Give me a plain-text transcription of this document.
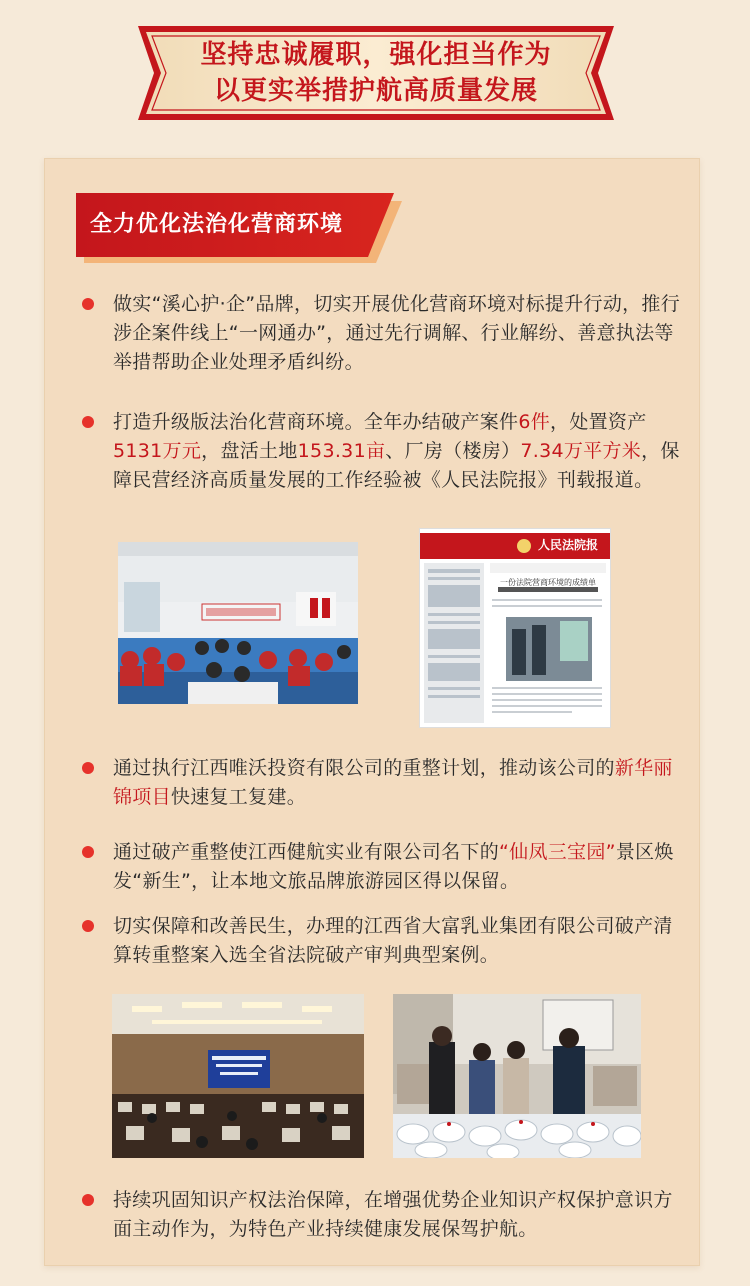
坚持忠诚履职，强化担当作为
以更实举措护航高质量发展
全力优化法治化营商环境
做实“溪心护·企”品牌，切实开展优化营商环境对标提升行动，推行涉企案件线上“一网通办”，通过先行调解、行业解纷、善意执法等举措帮助企业处理矛盾纠纷。
打造升级版法治化营商环境。全年办结破产案件6件，处置资产5131万元，盘活土地153.31亩、厂房（楼房）7.34万平方米，保障民营经济高质量发展的工作经验被《人民法院报》刊载报道。
人民法院报
一份法院营商环境的成绩单
通过执行江西唯沃投资有限公司的重整计划，推动该公司的新华丽锦项目快速复工复建。
通过破产重整使江西健航实业有限公司名下的“仙凤三宝园”景区焕发“新生”，让本地文旅品牌旅游园区得以保留。
切实保障和改善民生，办理的江西省大富乳业集团有限公司破产清算转重整案入选全省法院破产审判典型案例。
持续巩固知识产权法治保障，在增强优势企业知识产权保护意识方面主动作为，为特色产业持续健康发展保驾护航。
